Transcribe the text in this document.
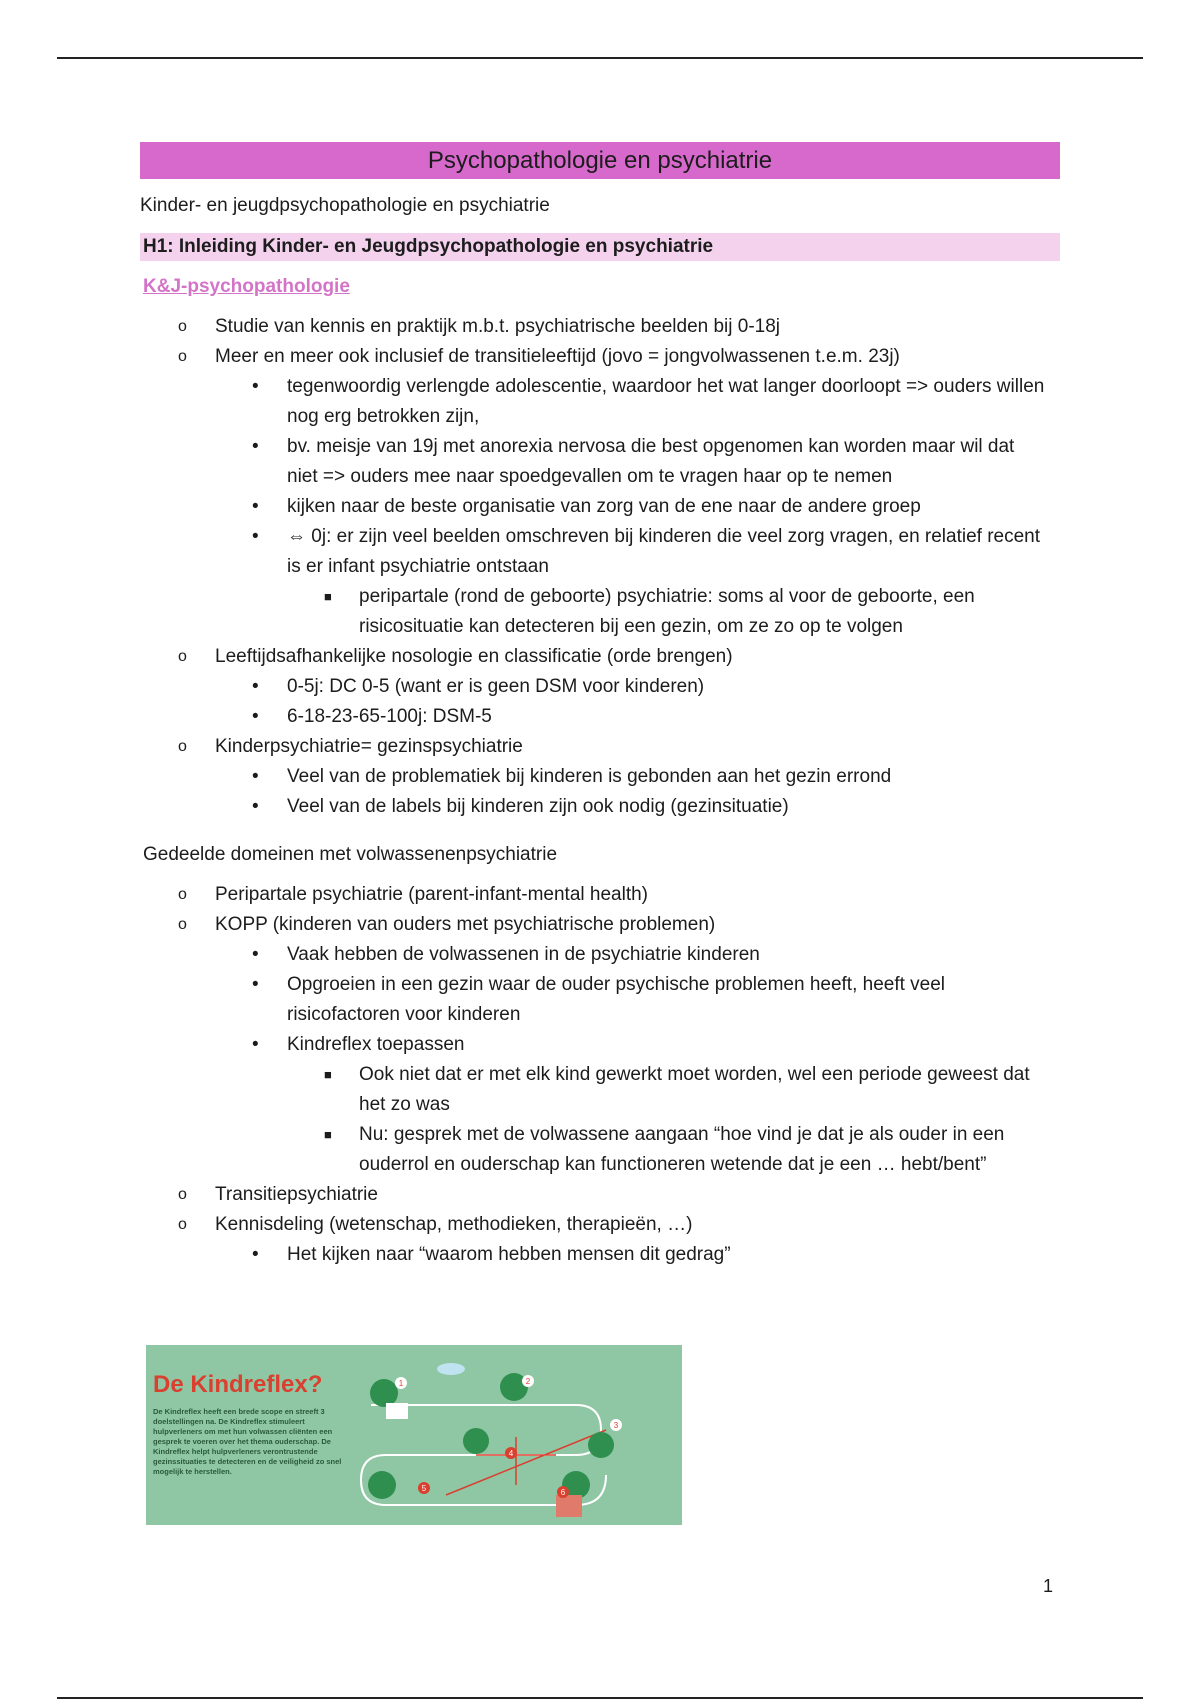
Psychopathologie en psychiatrie
Kinder- en jeugdpsychopathologie en psychiatrie
H1: Inleiding Kinder- en Jeugdpsychopathologie en psychiatrie
K&J-psychopathologie
o Studie van kennis en praktijk m.b.t. psychiatrische beelden bij 0-18j
o Meer en meer ook inclusief de transitieleeftijd (jovo = jongvolwassenen t.e.m. 23j)
• tegenwoordig verlengde adolescentie, waardoor het wat langer doorloopt => ouders willen nog erg betrokken zijn,
• bv. meisje van 19j met anorexia nervosa die best opgenomen kan worden maar wil dat niet => ouders mee naar spoedgevallen om te vragen haar op te nemen
• kijken naar de beste organisatie van zorg van de ene naar de andere groep
• ⇔ 0j: er zijn veel beelden omschreven bij kinderen die veel zorg vragen, en relatief recent is er infant psychiatrie ontstaan
■ peripartale (rond de geboorte) psychiatrie: soms al voor de geboorte, een risicosituatie kan detecteren bij een gezin, om ze zo op te volgen
o Leeftijdsafhankelijke nosologie en classificatie (orde brengen)
• 0-5j: DC 0-5 (want er is geen DSM voor kinderen)
• 6-18-23-65-100j: DSM-5
o Kinderpsychiatrie= gezinspsychiatrie
• Veel van de problematiek bij kinderen is gebonden aan het gezin errond
• Veel van de labels bij kinderen zijn ook nodig (gezinsituatie)
Gedeelde domeinen met volwassenenpsychiatrie
o Peripartale psychiatrie (parent-infant-mental health)
o KOPP (kinderen van ouders met psychiatrische problemen)
• Vaak hebben de volwassenen in de psychiatrie kinderen
• Opgroeien in een gezin waar de ouder psychische problemen heeft, heeft veel risicofactoren voor kinderen
• Kindreflex toepassen
■ Ook niet dat er met elk kind gewerkt moet worden, wel een periode geweest dat het zo was
■ Nu: gesprek met de volwassene aangaan “hoe vind je dat je als ouder in een ouderrol en ouderschap kan functioneren wetende dat je een … hebt/bent”
o Transitiepsychiatrie
o Kennisdeling (wetenschap, methodieken, therapieën, …)
• Het kijken naar “waarom hebben mensen dit gedrag”
De Kindreflex?
De Kindreflex heeft een brede scope en streeft 3 doelstellingen na. De Kindreflex stimuleert hulpverleners om met hun volwassen cliënten een gesprek te voeren over het thema ouderschap. De Kindreflex helpt hulpverleners verontrustende gezinssituaties te detecteren en de veiligheid zo snel mogelijk te herstellen.
1	2
3
4
5	6
1
